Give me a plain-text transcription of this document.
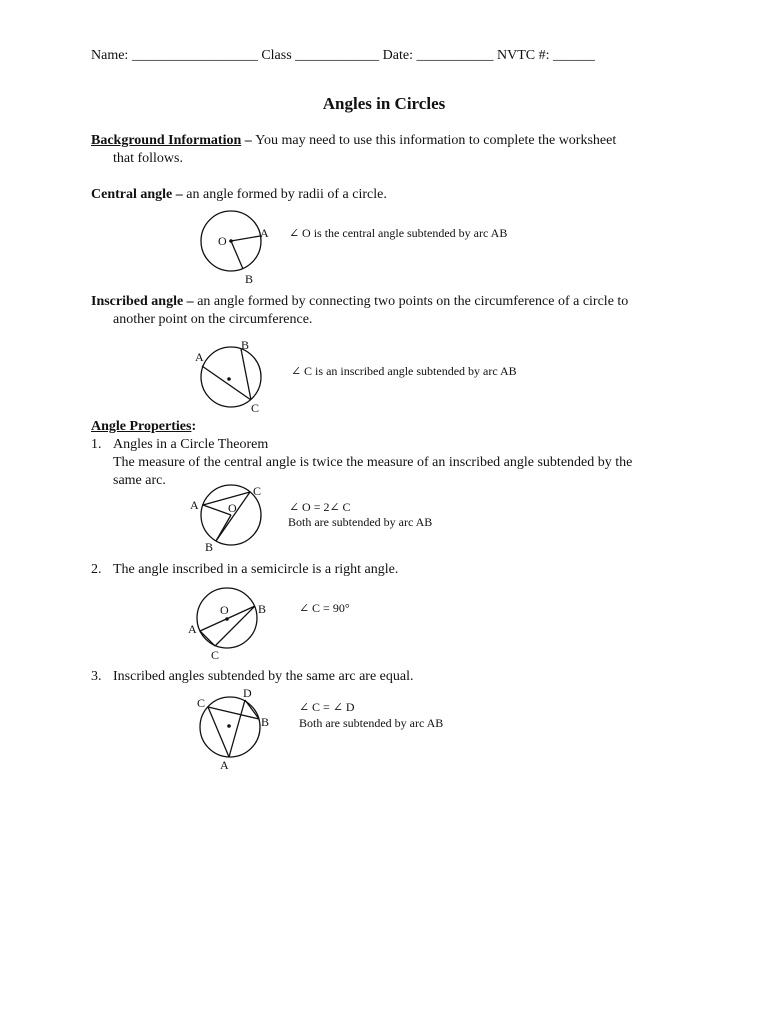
Name: __________________ Class ____________ Date: ___________ NVTC #: ______
Angles in Circles
Background Information – You may need to use this information to complete the worksheet
that follows.
Central angle – an angle formed by radii of a circle.
O
A
B
∠ O is the central angle subtended by arc AB
Inscribed angle – an angle formed by connecting two points on the circumference of a circle to
another point on the circumference.
A
B
C
∠ C is an inscribed angle subtended by arc AB
Angle Properties:
1. Angles in a Circle Theorem
The measure of the central angle is twice the measure of an inscribed angle subtended by the
same arc.
A
C
O
B
∠ O = 2∠ C
Both are subtended by arc AB
2. The angle inscribed in a semicircle is a right angle.
O B
A
C
∠ C = 90°
3. Inscribed angles subtended by the same arc are equal.
C
D
B
A
∠ C = ∠ D
Both are subtended by arc AB
